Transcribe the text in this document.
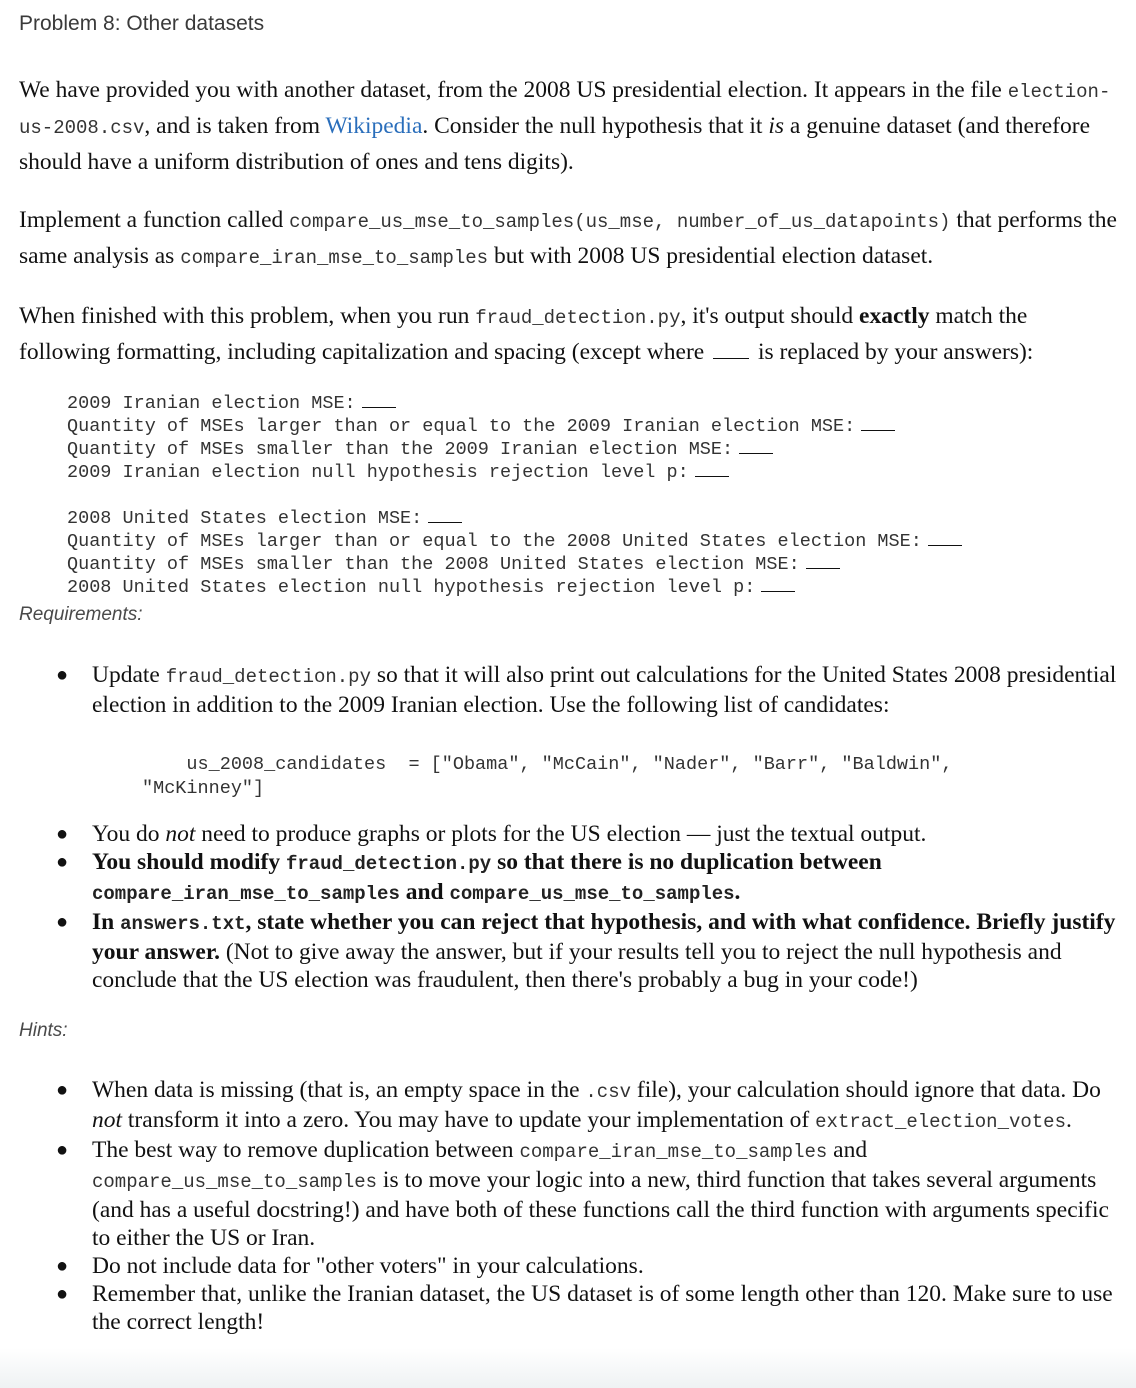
Problem 8: Other datasets

We have provided you with another dataset, from the 2008 US presidential election. It appears in the file election-us-2008.csv, and is taken from Wikipedia. Consider the null hypothesis that it is a genuine dataset (and therefore should have a uniform distribution of ones and tens digits).

Implement a function called compare_us_mse_to_samples(us_mse, number_of_us_datapoints) that performs the same analysis as compare_iran_mse_to_samples but with 2008 US presidential election dataset.

When finished with this problem, when you run fraud_detection.py, it's output should exactly match the following formatting, including capitalization and spacing (except where  is replaced by your answers):

2009 Iranian election MSE:
Quantity of MSEs larger than or equal to the 2009 Iranian election MSE:
Quantity of MSEs smaller than the 2009 Iranian election MSE:
2009 Iranian election null hypothesis rejection level p:
2008 United States election MSE:
Quantity of MSEs larger than or equal to the 2008 United States election MSE:
Quantity of MSEs smaller than the 2008 United States election MSE:
2008 United States election null hypothesis rejection level p:
Requirements:
● Update fraud_detection.py so that it will also print out calculations for the United States 2008 presidential election in addition to the 2009 Iranian election. Use the following list of candidates:
us_2008_candidates  = ["Obama", "McCain", "Nader", "Barr", "Baldwin",
"McKinney"]
● You do not need to produce graphs or plots for the US election — just the textual output.
● You should modify fraud_detection.py so that there is no duplication between compare_iran_mse_to_samples and compare_us_mse_to_samples.
● In answers.txt, state whether you can reject that hypothesis, and with what confidence. Briefly justify your answer. (Not to give away the answer, but if your results tell you to reject the null hypothesis and conclude that the US election was fraudulent, then there's probably a bug in your code!)
Hints:
● When data is missing (that is, an empty space in the .csv file), your calculation should ignore that data. Do not transform it into a zero. You may have to update your implementation of extract_election_votes.
● The best way to remove duplication between compare_iran_mse_to_samples and compare_us_mse_to_samples is to move your logic into a new, third function that takes several arguments (and has a useful docstring!) and have both of these functions call the third function with arguments specific to either the US or Iran.
● Do not include data for "other voters" in your calculations.
● Remember that, unlike the Iranian dataset, the US dataset is of some length other than 120. Make sure to use the correct length!
